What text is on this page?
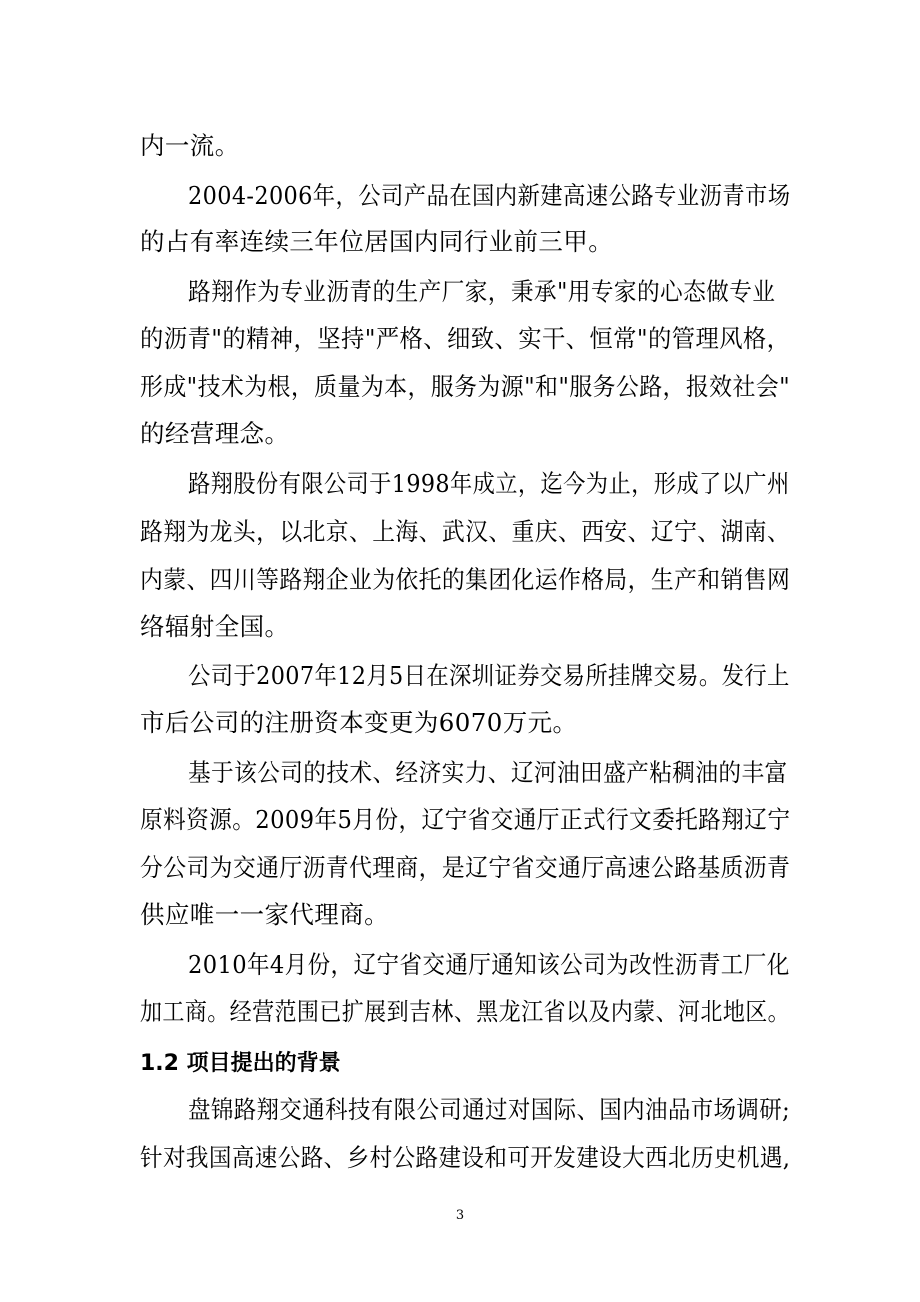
内一流。
2004-2006年，公司产品在国内新建高速公路专业沥青市场
的占有率连续三年位居国内同行业前三甲。
路翔作为专业沥青的生产厂家，秉承"用专家的心态做专业
的沥青"的精神，坚持"严格、细致、实干、恒常"的管理风格，
形成"技术为根，质量为本，服务为源"和"服务公路，报效社会"
的经营理念。
路翔股份有限公司于1998年成立，迄今为止，形成了以广州
路翔为龙头，以北京、上海、武汉、重庆、西安、辽宁、湖南、
内蒙、四川等路翔企业为依托的集团化运作格局，生产和销售网
络辐射全国。
公司于2007年12月5日在深圳证券交易所挂牌交易。发行上
市后公司的注册资本变更为6070万元。
基于该公司的技术、经济实力、辽河油田盛产粘稠油的丰富
原料资源。2009年5月份，辽宁省交通厅正式行文委托路翔辽宁
分公司为交通厅沥青代理商，是辽宁省交通厅高速公路基质沥青
供应唯一一家代理商。
2010年4月份，辽宁省交通厅通知该公司为改性沥青工厂化
加工商。经营范围已扩展到吉林、黑龙江省以及内蒙、河北地区。
1.2 项目提出的背景
盘锦路翔交通科技有限公司通过对国际、国内油品市场调研;
针对我国高速公路、乡村公路建设和可开发建设大西北历史机遇,
3
